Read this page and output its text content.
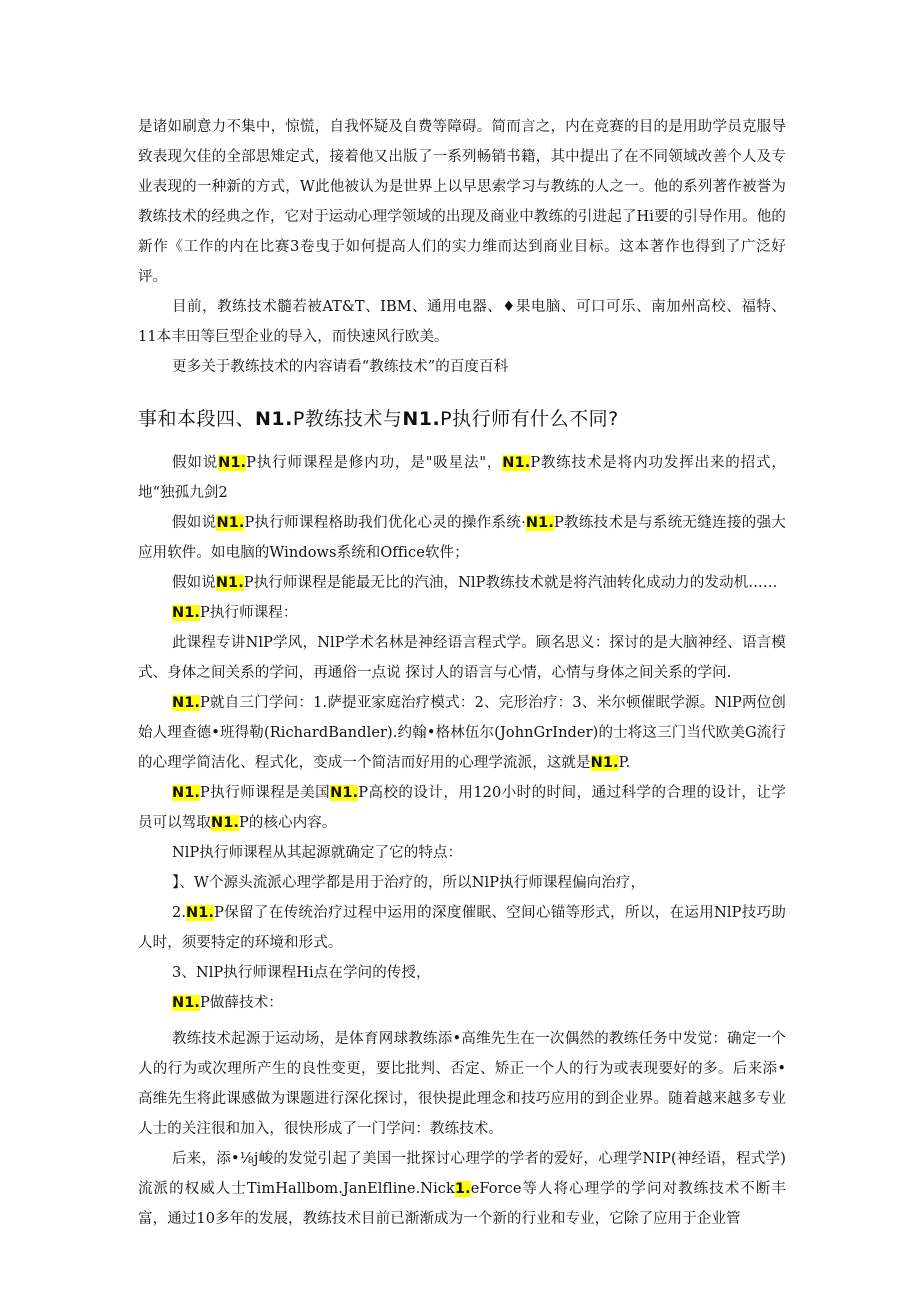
是诸如刷意力不集中，惊慌，自我怀疑及自费等障碍。简而言之，内在竞赛的目的是用助学员克服导致表现欠佳的全部思雉定式，接着他又出版了一系列畅销书籍，其中提出了在不同领域改善个人及专业表现的一种新的方式，W此他被认为是世界上以早思索学习与教练的人之一。他的系列著作被誉为教练技术的经典之作，它对于运动心理学领域的出现及商业中教练的引进起了Hi要的引导作用。他的新作《工作的内在比赛3卷曳于如何提高人们的实力维而达到商业目标。这本著作也得到了广泛好评。

目前，教练技术髓若被AT&T、IBM、通用电器、♦果电脑、可口可乐、南加州高校、福特、11本丰田等巨型企业的导入，而快速风行欧美。

更多关于教练技术的内容请看“教练技术”的百度百科

事和本段四、N1.P教练技术与N1.P执行师有什么不同?

假如说N1.P执行师课程是修内功，是"吸星法"，N1.P教练技术是将内功发挥出来的招式，地“独孤九剑2

假如说N1.P执行师课程格助我们优化心灵的操作系统·N1.P教练技术是与系统无缝连接的强大应用软件。如电脑的Windows系统和Office软件；

假如说N1.P执行师课程是能最无比的汽油，NlP教练技术就是将汽油转化成动力的发动机……

N1.P执行师课程：

此课程专讲NlP学风，NlP学术名林是神经语言程式学。顾名思义：探讨的是大脑神经、语言模式、身体之间关系的学问，再通俗一点说 探讨人的语言与心情，心情与身体之间关系的学问.

N1.P就自三门学问：1.萨提亚家庭治疗模式：2、完形治疗：3、米尔顿催眠学源。NlP两位创始人理查德•班得勒(RichardBandler).约翰•格林伍尔(JohnGrInder)的士将这三门当代欧美G流行的心理学简洁化、程式化，变成一个简洁而好用的心理学流派，这就是N1.P.

N1.P执行师课程是美国N1.P高校的设计，用120小时的时间，通过科学的合理的设计，让学员可以驾取N1.P的核心内容。

NlP执行师课程从其起源就确定了它的特点：

】、W个源头流派心理学都是用于治疗的，所以NlP执行师课程偏向治疗，

2.N1.P保留了在传统治疗过程中运用的深度催眠、空间心锚等形式，所以，在运用NlP技巧助人时，须要特定的环境和形式。

3、NlP执行师课程Hi点在学问的传授，

N1.P做薛技术：

教练技术起源于运动场，是体育网球教练添•高维先生在一次偶然的教练任务中发觉：确定一个人的行为或次理所产生的良性变更，要比批判、否定、矫正一个人的行为或表现要好的多。后来添•高维先生将此课感做为课题进行深化探讨，很快提此理念和技巧应用的到企业界。随着越来越多专业人士的关注很和加入，很快形成了一门学问：教练技术。

后来，添•⅛j峻的发觉引起了美国一批探讨心理学的学者的爱好，心理学NIP(神经语，程式学)流派的权威人士TimHallbom.JanElfline.Nick1.eForce等人将心理学的学问对教练技术不断丰富，通过10多年的发展，教练技术目前已渐渐成为一个新的行业和专业，它除了应用于企业管
